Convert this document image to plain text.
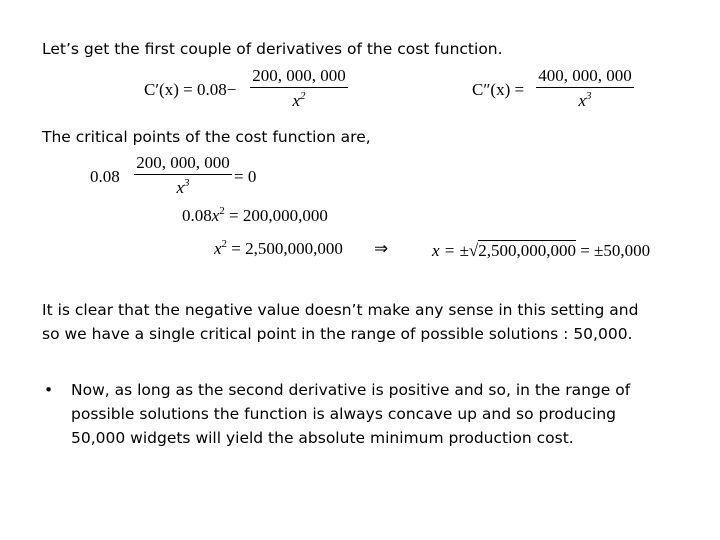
Let’s get the first couple of derivatives of the cost function.
C′(x) = 0.08−
200, 000, 000
$x^2$	C″(x) =
400, 000, 000
$x^3$
The critical points of the cost function are,
0.08
200, 000, 000
$x^3$	= 0
$0.08x^2 = 200,000,000$
$x^2 = 2,500,000,000$ ⇒	x = ±√2,500,000,000 = ±50,000
It is clear that the negative value doesn’t make any sense in this setting and
so we have a single critical point in the range of possible solutions : 50,000.
• Now, as long as the second derivative is positive and so, in the range of possible solutions the function is always concave up and so producing 50,000 widgets will yield the absolute minimum production cost.
